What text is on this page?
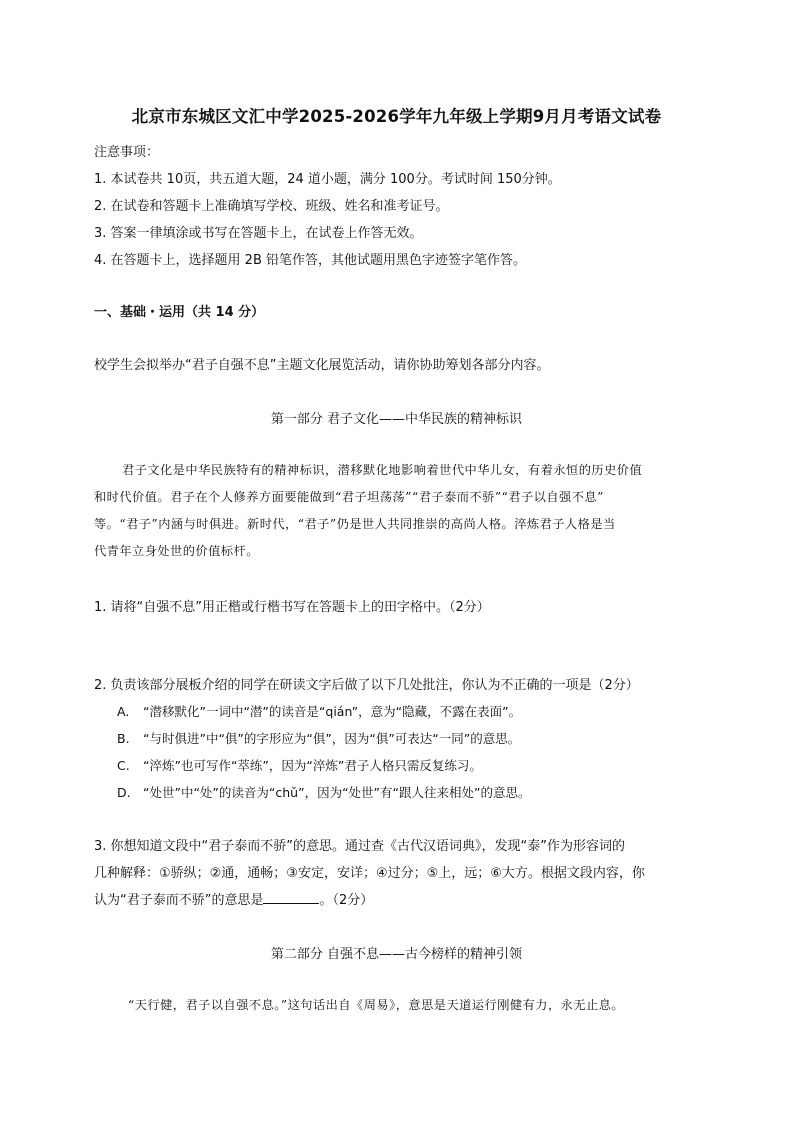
北京市东城区文汇中学2025-2026学年九年级上学期9月月考语文试卷
注意事项：
1. 本试卷共 10页，共五道大题，24 道小题，满分 100分。考试时间 150分钟。
2. 在试卷和答题卡上准确填写学校、班级、姓名和准考证号。
3. 答案一律填涂或书写在答题卡上，在试卷上作答无效。
4. 在答题卡上，选择题用 2B 铅笔作答，其他试题用黑色字迹签字笔作答。
一、基础・运用（共 14 分）
校学生会拟举办“君子自强不息”主题文化展览活动，请你协助筹划各部分内容。
第一部分 君子文化——中华民族的精神标识
君子文化是中华民族特有的精神标识，潜移默化地影响着世代中华儿女，有着永恒的历史价值
和时代价值。君子在个人修养方面要能做到“君子坦荡荡”“君子泰而不骄”“君子以自强不息”
等。“君子”内涵与时俱进。新时代，“君子”仍是世人共同推崇的高尚人格。淬炼君子人格是当
代青年立身处世的价值标杆。
1. 请将“自强不息”用正楷或行楷书写在答题卡上的田字格中。（2分）
2. 负责该部分展板介绍的同学在研读文字后做了以下几处批注，你认为不正确的一项是（2分）
A. “潜移默化”一词中“潜”的读音是“qián”，意为“隐藏，不露在表面”。
B. “与时俱进”中“俱”的字形应为“俱”，因为“俱”可表达“一同”的意思。
C. “淬炼”也可写作“萃练”，因为“淬炼”君子人格只需反复练习。
D. “处世”中“处”的读音为“chǔ”，因为“处世”有“跟人往来相处”的意思。
3. 你想知道文段中“君子泰而不骄”的意思。通过查《古代汉语词典》，发现“泰”作为形容词的
几种解释：①骄纵；②通，通畅；③安定，安详；④过分；⑤上，远；⑥大方。根据文段内容，你
认为“君子泰而不骄”的意思是	。（2分）
第二部分 自强不息——古今榜样的精神引领
“天行健，君子以自强不息。”这句话出自《周易》，意思是天道运行刚健有力，永无止息。
